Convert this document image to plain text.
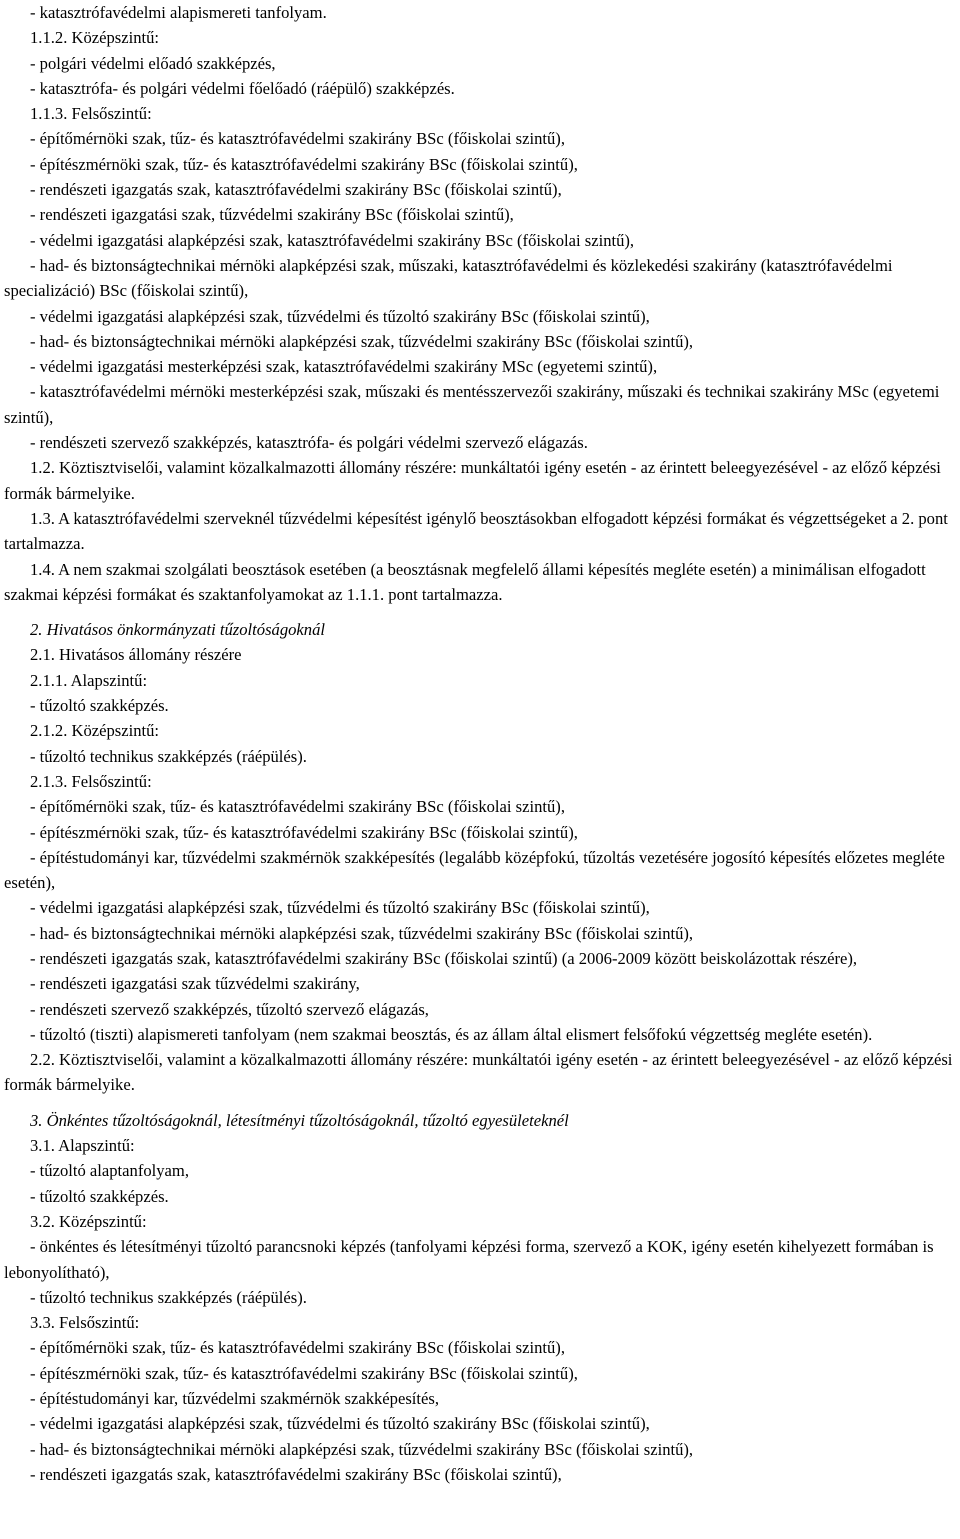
- katasztrófavédelmi alapismereti tanfolyam.
1.1.2. Középszintű:
- polgári védelmi előadó szakképzés,
- katasztrófa- és polgári védelmi főelőadó (ráépülő) szakképzés.
1.1.3. Felsőszintű:
- építőmérnöki szak, tűz- és katasztrófavédelmi szakirány BSc (főiskolai szintű),
- építészmérnöki szak, tűz- és katasztrófavédelmi szakirány BSc (főiskolai szintű),
- rendészeti igazgatás szak, katasztrófavédelmi szakirány BSc (főiskolai szintű),
- rendészeti igazgatási szak, tűzvédelmi szakirány BSc (főiskolai szintű),
- védelmi igazgatási alapképzési szak, katasztrófavédelmi szakirány BSc (főiskolai szintű),
- had- és biztonságtechnikai mérnöki alapképzési szak, műszaki, katasztrófavédelmi és közlekedési szakirány (katasztrófavédelmi specializáció) BSc (főiskolai szintű),
- védelmi igazgatási alapképzési szak, tűzvédelmi és tűzoltó szakirány BSc (főiskolai szintű),
- had- és biztonságtechnikai mérnöki alapképzési szak, tűzvédelmi szakirány BSc (főiskolai szintű),
- védelmi igazgatási mesterképzési szak, katasztrófavédelmi szakirány MSc (egyetemi szintű),
- katasztrófavédelmi mérnöki mesterképzési szak, műszaki és mentésszervezői szakirány, műszaki és technikai szakirány MSc (egyetemi szintű),
- rendészeti szervező szakképzés, katasztrófa- és polgári védelmi szervező elágazás.
1.2. Köztisztviselői, valamint közalkalmazotti állomány részére: munkáltatói igény esetén - az érintett beleegyezésével - az előző képzési formák bármelyike.
1.3. A katasztrófavédelmi szerveknél tűzvédelmi képesítést igénylő beosztásokban elfogadott képzési formákat és végzettségeket a 2. pont tartalmazza.
1.4. A nem szakmai szolgálati beosztások esetében (a beosztásnak megfelelő állami képesítés megléte esetén) a minimálisan elfogadott szakmai képzési formákat és szaktanfolyamokat az 1.1.1. pont tartalmazza.
2. Hivatásos önkormányzati tűzoltóságoknál
2.1. Hivatásos állomány részére
2.1.1. Alapszintű:
- tűzoltó szakképzés.
2.1.2. Középszintű:
- tűzoltó technikus szakképzés (ráépülés).
2.1.3. Felsőszintű:
- építőmérnöki szak, tűz- és katasztrófavédelmi szakirány BSc (főiskolai szintű),
- építészmérnöki szak, tűz- és katasztrófavédelmi szakirány BSc (főiskolai szintű),
- építéstudományi kar, tűzvédelmi szakmérnök szakképesítés (legalább középfokú, tűzoltás vezetésére jogosító képesítés előzetes megléte esetén),
- védelmi igazgatási alapképzési szak, tűzvédelmi és tűzoltó szakirány BSc (főiskolai szintű),
- had- és biztonságtechnikai mérnöki alapképzési szak, tűzvédelmi szakirány BSc (főiskolai szintű),
- rendészeti igazgatás szak, katasztrófavédelmi szakirány BSc (főiskolai szintű) (a 2006-2009 között beiskolázottak részére),
- rendészeti igazgatási szak tűzvédelmi szakirány,
- rendészeti szervező szakképzés, tűzoltó szervező elágazás,
- tűzoltó (tiszti) alapismereti tanfolyam (nem szakmai beosztás, és az állam által elismert felsőfokú végzettség megléte esetén).
2.2. Köztisztviselői, valamint a közalkalmazotti állomány részére: munkáltatói igény esetén - az érintett beleegyezésével - az előző képzési formák bármelyike.
3. Önkéntes tűzoltóságoknál, létesítményi tűzoltóságoknál, tűzoltó egyesületeknél
3.1. Alapszintű:
- tűzoltó alaptanfolyam,
- tűzoltó szakképzés.
3.2. Középszintű:
- önkéntes és létesítményi tűzoltó parancsnoki képzés (tanfolyami képzési forma, szervező a KOK, igény esetén kihelyezett formában is lebonyolítható),
- tűzoltó technikus szakképzés (ráépülés).
3.3. Felsőszintű:
- építőmérnöki szak, tűz- és katasztrófavédelmi szakirány BSc (főiskolai szintű),
- építészmérnöki szak, tűz- és katasztrófavédelmi szakirány BSc (főiskolai szintű),
- építéstudományi kar, tűzvédelmi szakmérnök szakképesítés,
- védelmi igazgatási alapképzési szak, tűzvédelmi és tűzoltó szakirány BSc (főiskolai szintű),
- had- és biztonságtechnikai mérnöki alapképzési szak, tűzvédelmi szakirány BSc (főiskolai szintű),
- rendészeti igazgatás szak, katasztrófavédelmi szakirány BSc (főiskolai szintű),
